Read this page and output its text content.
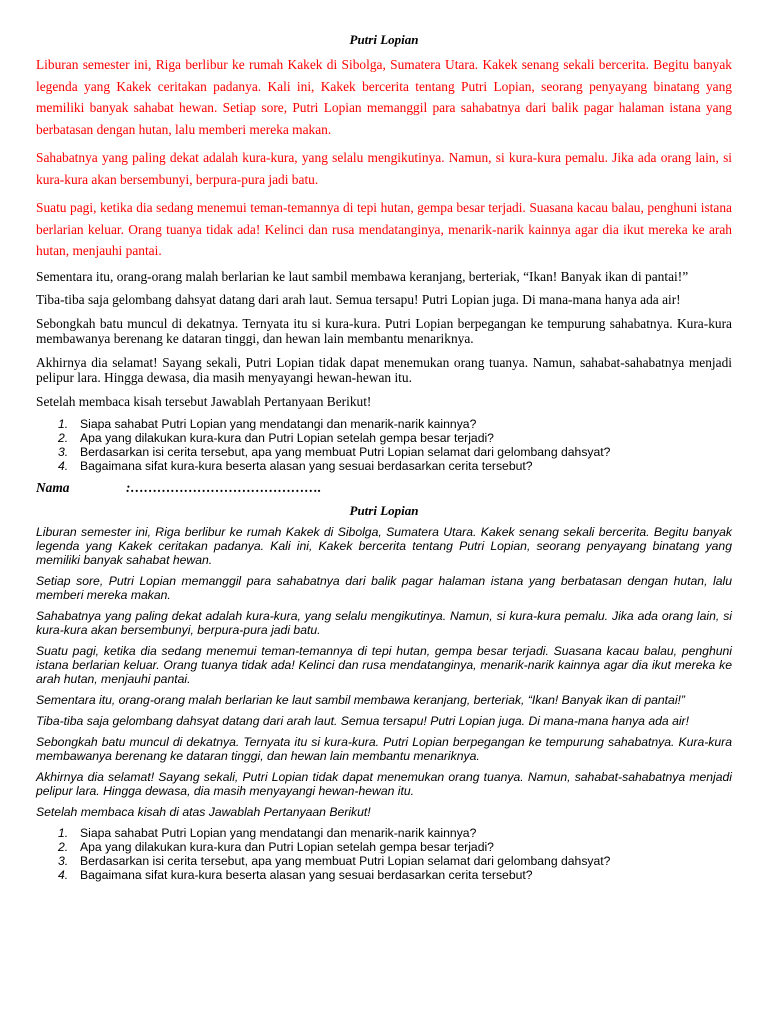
Putri Lopian

Liburan semester ini, Riga berlibur ke rumah Kakek di Sibolga, Sumatera Utara. Kakek senang sekali bercerita. Begitu banyak legenda yang Kakek ceritakan padanya. Kali ini, Kakek bercerita tentang Putri Lopian, seorang penyayang binatang yang memiliki banyak sahabat hewan. Setiap sore, Putri Lopian memanggil para sahabatnya dari balik pagar halaman istana yang berbatasan dengan hutan, lalu memberi mereka makan.

Sahabatnya yang paling dekat adalah kura-kura, yang selalu mengikutinya. Namun, si kura-kura pemalu. Jika ada orang lain, si kura-kura akan bersembunyi, berpura-pura jadi batu.

Suatu pagi, ketika dia sedang menemui teman-temannya di tepi hutan, gempa besar terjadi. Suasana kacau balau, penghuni istana berlarian keluar. Orang tuanya tidak ada! Kelinci dan rusa mendatanginya, menarik-narik kainnya agar dia ikut mereka ke arah hutan, menjauhi pantai.

Sementara itu, orang-orang malah berlarian ke laut sambil membawa keranjang, berteriak, “Ikan! Banyak ikan di pantai!”

Tiba-tiba saja gelombang dahsyat datang dari arah laut. Semua tersapu! Putri Lopian juga. Di mana-mana hanya ada air!

Sebongkah batu muncul di dekatnya. Ternyata itu si kura-kura. Putri Lopian berpegangan ke tempurung sahabatnya. Kura-kura membawanya berenang ke dataran tinggi, dan hewan lain membantu menariknya.

Akhirnya dia selamat! Sayang sekali, Putri Lopian tidak dapat menemukan orang tuanya. Namun, sahabat-sahabatnya menjadi pelipur lara. Hingga dewasa, dia masih menyayangi hewan-hewan itu.

Setelah membaca kisah tersebut Jawablah Pertanyaan Berikut!

1. Siapa sahabat Putri Lopian yang mendatangi dan menarik-narik kainnya?
2. Apa yang dilakukan kura-kura dan Putri Lopian setelah gempa besar terjadi?
3. Berdasarkan isi cerita tersebut, apa yang membuat Putri Lopian selamat dari gelombang dahsyat?
4. Bagaimana sifat kura-kura beserta alasan yang sesuai berdasarkan cerita tersebut?
Nama	:…………………………………….
Putri Lopian

Liburan semester ini, Riga berlibur ke rumah Kakek di Sibolga, Sumatera Utara. Kakek senang sekali bercerita. Begitu banyak legenda yang Kakek ceritakan padanya. Kali ini, Kakek bercerita tentang Putri Lopian, seorang penyayang binatang yang memiliki banyak sahabat hewan.

Setiap sore, Putri Lopian memanggil para sahabatnya dari balik pagar halaman istana yang berbatasan dengan hutan, lalu memberi mereka makan.

Sahabatnya yang paling dekat adalah kura-kura, yang selalu mengikutinya. Namun, si kura-kura pemalu. Jika ada orang lain, si kura-kura akan bersembunyi, berpura-pura jadi batu.

Suatu pagi, ketika dia sedang menemui teman-temannya di tepi hutan, gempa besar terjadi. Suasana kacau balau, penghuni istana berlarian keluar. Orang tuanya tidak ada! Kelinci dan rusa mendatanginya, menarik-narik kainnya agar dia ikut mereka ke arah hutan, menjauhi pantai.

Sementara itu, orang-orang malah berlarian ke laut sambil membawa keranjang, berteriak, “Ikan! Banyak ikan di pantai!”

Tiba-tiba saja gelombang dahsyat datang dari arah laut. Semua tersapu! Putri Lopian juga. Di mana-mana hanya ada air!

Sebongkah batu muncul di dekatnya. Ternyata itu si kura-kura. Putri Lopian berpegangan ke tempurung sahabatnya. Kura-kura membawanya berenang ke dataran tinggi, dan hewan lain membantu menariknya.

Akhirnya dia selamat! Sayang sekali, Putri Lopian tidak dapat menemukan orang tuanya. Namun, sahabat-sahabatnya menjadi pelipur lara. Hingga dewasa, dia masih menyayangi hewan-hewan itu.

Setelah membaca kisah di atas Jawablah Pertanyaan Berikut!

1. Siapa sahabat Putri Lopian yang mendatangi dan menarik-narik kainnya?
2. Apa yang dilakukan kura-kura dan Putri Lopian setelah gempa besar terjadi?
3. Berdasarkan isi cerita tersebut, apa yang membuat Putri Lopian selamat dari gelombang dahsyat?
4. Bagaimana sifat kura-kura beserta alasan yang sesuai berdasarkan cerita tersebut?
